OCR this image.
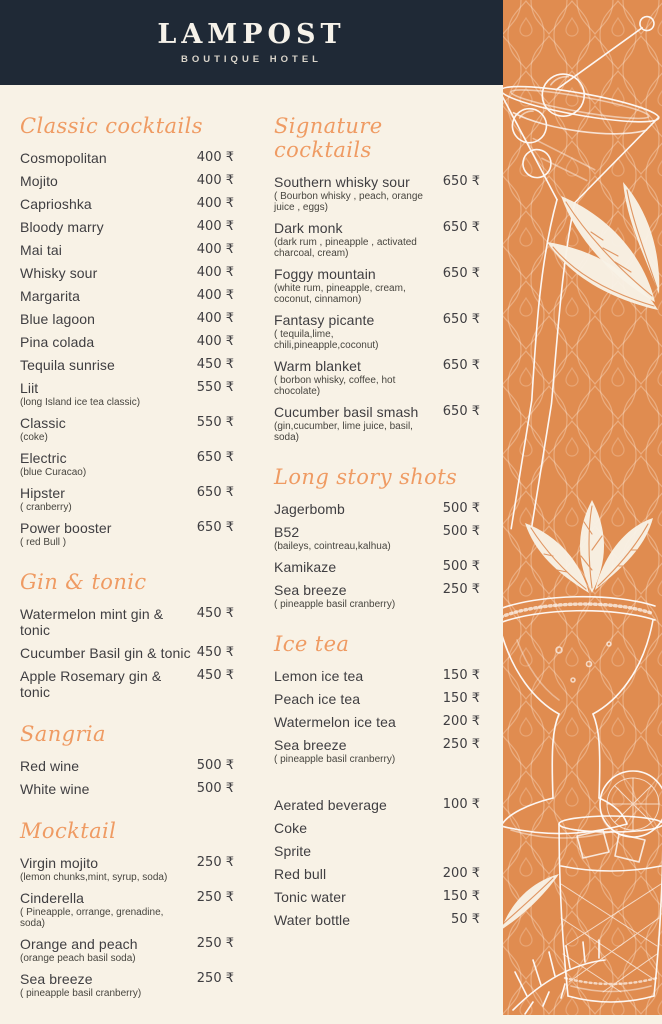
LAMPOST
BOUTIQUE HOTEL
Classic cocktails
Cosmopolitan	400 ₹
Mojito	400 ₹
Caprioshka	400 ₹
Bloody marry	400 ₹
Mai tai	400 ₹
Whisky sour	400 ₹
Margarita	400 ₹
Blue lagoon	400 ₹
Pina colada	400 ₹
Tequila sunrise	450 ₹
Liit
(long Island ice tea classic)
550 ₹
Classic
(coke)
550 ₹
Electric
(blue Curacao)
650 ₹
Hipster
( cranberry)
650 ₹
Power booster
( red Bull )
650 ₹
Gin & tonic
Watermelon mint gin & tonic
450 ₹
Cucumber Basil gin & tonic 450 ₹
Apple Rosemary gin & tonic
450 ₹
Sangria
Red wine	500 ₹
White wine	500 ₹
Mocktail
Virgin mojito
(lemon chunks,mint, syrup, soda)
250 ₹
Cinderella
( Pineapple, orrange, grenadine, soda)
250 ₹
Orange and peach
(orange peach basil soda)
250 ₹
Sea breeze
( pineapple basil cranberry)
250 ₹
Signature cocktails
Southern whisky sour
( Bourbon whisky , peach, orange juice , eggs)
650 ₹
Dark monk
(dark rum , pineapple , activated charcoal, cream)
650 ₹
Foggy mountain
(white rum, pineapple, cream, coconut, cinnamon)
650 ₹
Fantasy picante
( tequila,lime, chili,pineapple,coconut)
650 ₹
Warm blanket
( borbon whisky, coffee, hot chocolate)
650 ₹
Cucumber basil smash
(gin,cucumber, lime juice, basil, soda)
650 ₹
Long story shots
Jagerbomb	500 ₹
B52
(baileys, cointreau,kalhua)
500 ₹
Kamikaze	500 ₹
Sea breeze
( pineapple basil cranberry)
250 ₹
Ice tea
Lemon ice tea	150 ₹
Peach ice tea	150 ₹
Watermelon ice tea	200 ₹
Sea breeze
( pineapple basil cranberry)
250 ₹
Aerated beverage	100 ₹
Coke
Sprite
Red bull	200 ₹
Tonic water	150 ₹
Water bottle	50 ₹
